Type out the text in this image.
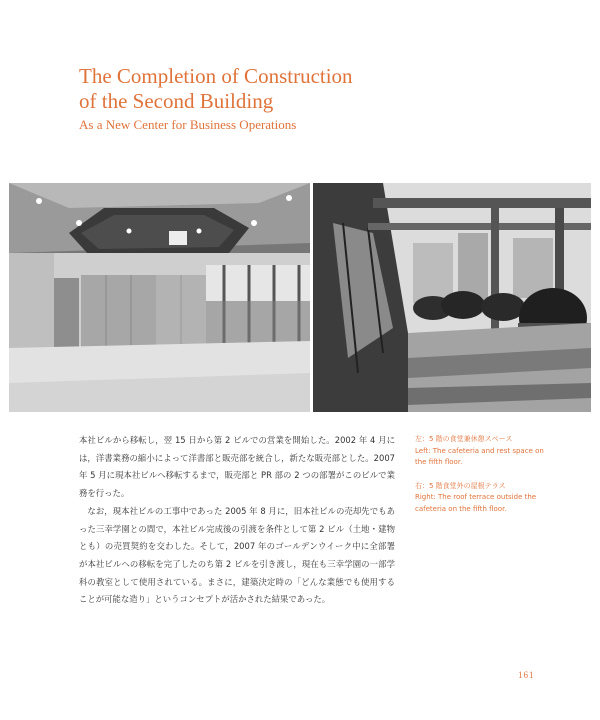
The Completion of Construction
of the Second Building
As a New Center for Business Operations

本社ビルから移転し，翌 15 日から第 2 ビルでの営業を開始した。2002 年 4 月には，洋書業務の縮小によって洋書部と販売部を統合し，新たな販売部とした。2007 年 5 月に現本社ビルへ移転するまで，販売部と PR 部の 2 つの部署がこのビルで業務を行った。

なお，現本社ビルの工事中であった 2005 年 8 月に，旧本社ビルの売却先でもあった三幸学園との間で，本社ビル完成後の引渡を条件として第 2 ビル（土地・建物とも）の売買契約を交わした。そして，2007 年のゴールデンウイーク中に全部署が本社ビルへの移転を完了したのち第 2 ビルを引き渡し，現在も三幸学園の一部学科の教室として使用されている。まさに，建築決定時の「どんな業態でも使用することが可能な造り」というコンセプトが活かされた結果であった。

左：5 階の食堂兼休憩スペース
Left: The cafeteria and rest space on
the fifth floor.
右：5 階食堂外の屋根テラス
Right: The roof terrace outside the
cafeteria on the fifth floor.
161
